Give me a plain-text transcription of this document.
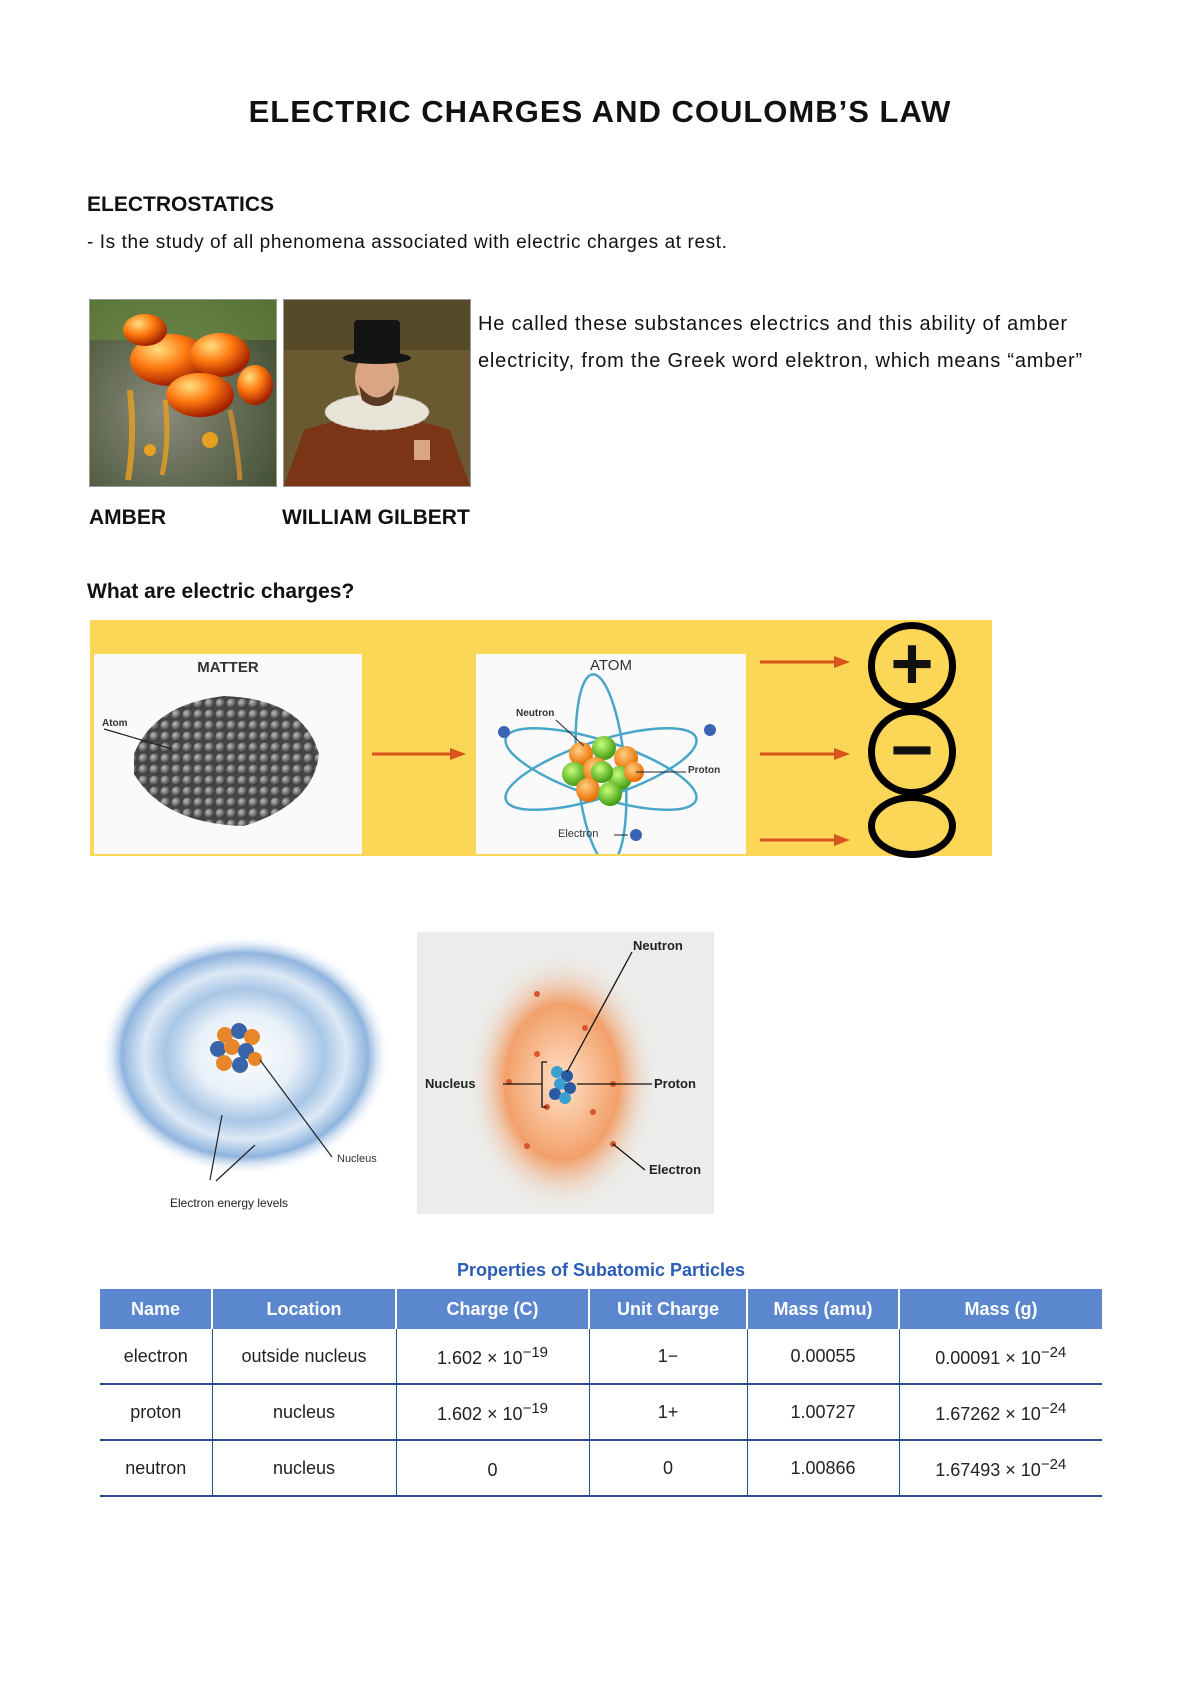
ELECTRIC CHARGES AND COULOMB’S LAW
ELECTROSTATICS
- Is the study of all phenomena associated with electric charges at rest.
He called these substances electrics and this ability of amber electricity, from the Greek word elektron, which means “amber”
AMBER	WILLIAM GILBERT
What are electric charges?
MATTER
Atom
ATOM
Neutron
Proton
Electron
+
−
Nucleus
Electron energy levels
Neutron
Nucleus	Proton
Electron
Properties of Subatomic Particles
Name	Location	Charge (C)	Unit Charge	Mass (amu)	Mass (g)
electron	outside nucleus	$1.602 \times 10^{-19}$	1−	0.00055	$0.00091 \times 10^{-24}$
proton	nucleus	$1.602 \times 10^{-19}$	1+	1.00727	$1.67262 \times 10^{-24}$
neutron	nucleus	0	0	1.00866	$1.67493 \times 10^{-24}$
